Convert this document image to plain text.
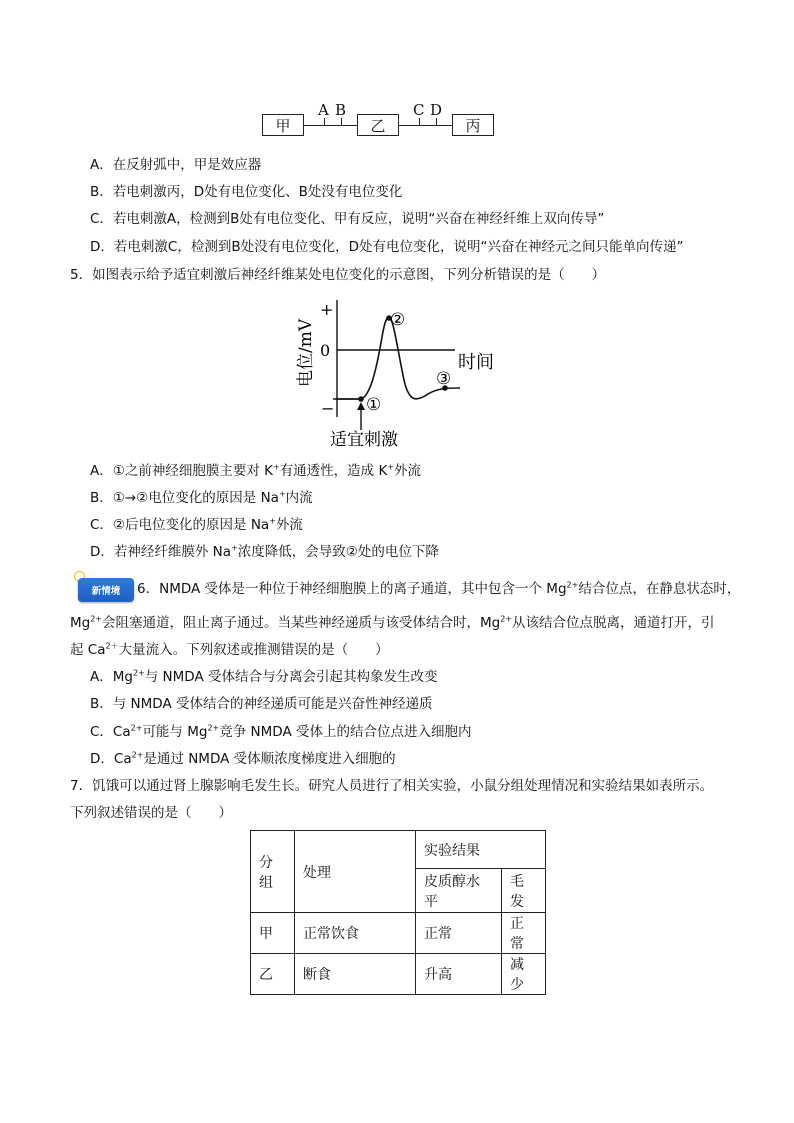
甲
A B
乙
C D
丙
A．在反射弧中，甲是效应器
B．若电刺激丙，D处有电位变化、B处没有电位变化
C．若电刺激A，检测到B处有电位变化、甲有反应，说明“兴奋在神经纤维上双向传导”
D．若电刺激C，检测到B处没有电位变化，D处有电位变化，说明“兴奋在神经元之间只能单向传递”
5．如图表示给予适宜刺激后神经纤维某处电位变化的示意图，下列分析错误的是（　　）
+
0
−
电位/mV	时间
①
②
③
适宜刺激
A．①之前神经细胞膜主要对 K+有通透性，造成 K+外流
B．①→②电位变化的原因是 Na+内流
C．②后电位变化的原因是 Na+外流
D．若神经纤维膜外 Na+浓度降低，会导致②处的电位下降
新情境	6．NMDA 受体是一种位于神经细胞膜上的离子通道，其中包含一个 $Mg^{2+}$结合位点，在静息状态时，
$Mg^{2+}$会阻塞通道，阻止离子通过。当某些神经递质与该受体结合时，$Mg^{2+}$从该结合位点脱离，通道打开，引
起 $Ca^{2+}$大量流入。下列叙述或推测错误的是（　　）
A．$Mg^{2+}$与 NMDA 受体结合与分离会引起其构象发生改变
B．与 NMDA 受体结合的神经递质可能是兴奋性神经递质
C．$Ca^{2+}$可能与 $Mg^{2+}$竞争 NMDA 受体上的结合位点进入细胞内
D．$Ca^{2+}$是通过 NMDA 受体顺浓度梯度进入细胞的
7．饥饿可以通过肾上腺影响毛发生长。研究人员进行了相关实验，小鼠分组处理情况和实验结果如表所示。
下列叙述错误的是（　　）
分组	处理	实验结果	
		皮质醇水平	毛发
甲	正常饮食	正常	正常
乙	断食	升高	减少
